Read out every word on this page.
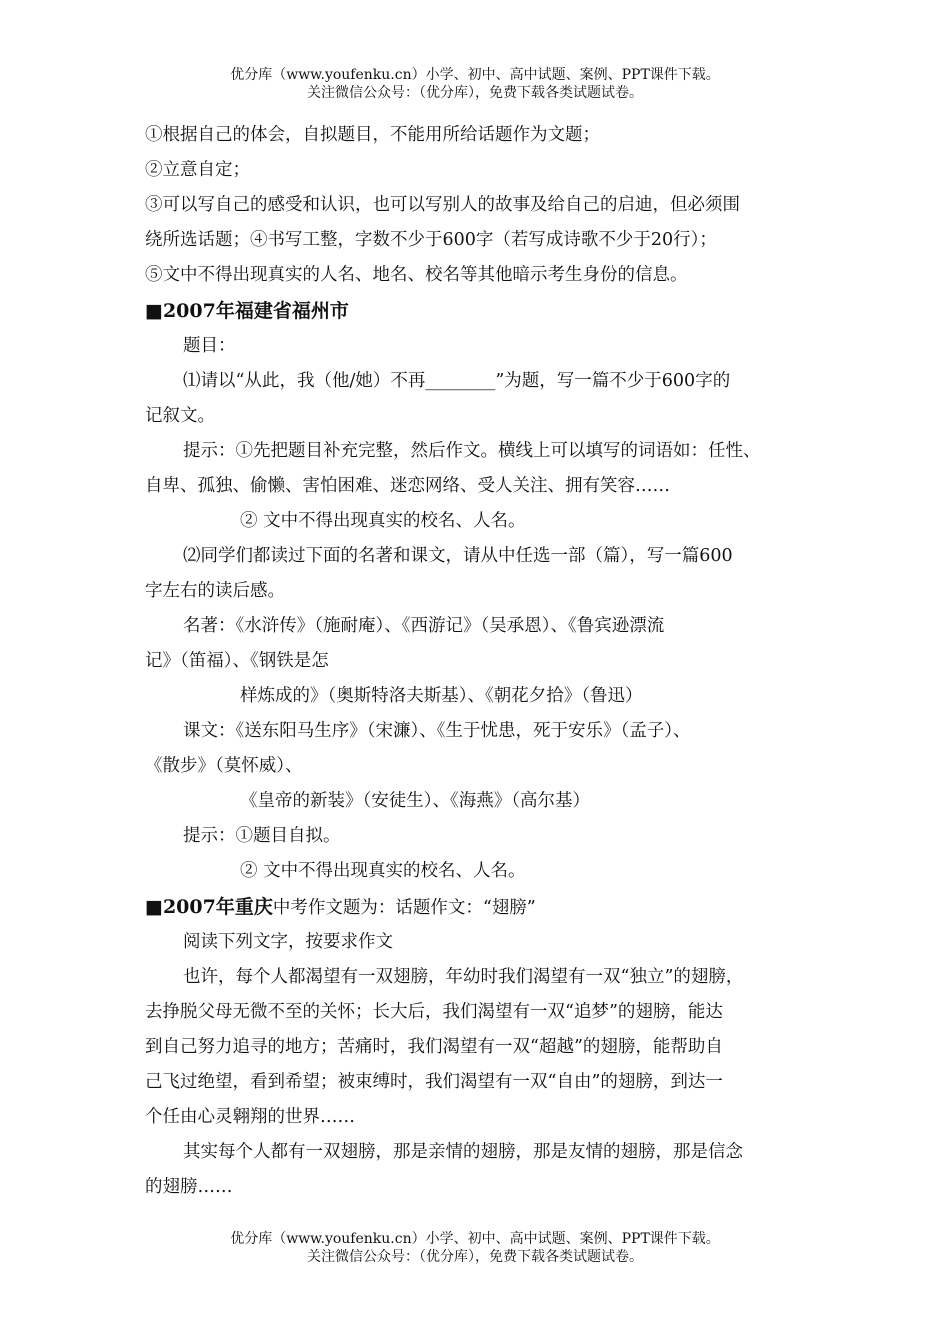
优分库（www.youfenku.cn）小学、初中、高中试题、案例、PPT课件下载。
关注微信公众号：（优分库），免费下载各类试题试卷。
①根据自己的体会，自拟题目，不能用所给话题作为文题；
②立意自定；
③可以写自己的感受和认识，也可以写别人的故事及给自己的启迪，但必须围
绕所选话题；④书写工整，字数不少于600字（若写成诗歌不少于20行）；
⑤文中不得出现真实的人名、地名、校名等其他暗示考生身份的信息。
■2007年福建省福州市
题目：
⑴请以“从此，我（他/她）不再________”为题，写一篇不少于600字的
记叙文。
提示：①先把题目补充完整，然后作文。横线上可以填写的词语如：任性、
自卑、孤独、偷懒、害怕困难、迷恋网络、受人关注、拥有笑容……
② 文中不得出现真实的校名、人名。
⑵同学们都读过下面的名著和课文，请从中任选一部（篇），写一篇600
字左右的读后感。
名著：《水浒传》（施耐庵）、《西游记》（吴承恩）、《鲁宾逊漂流
记》（笛福）、《钢铁是怎
样炼成的》（奥斯特洛夫斯基）、《朝花夕拾》（鲁迅）
课文：《送东阳马生序》（宋濂）、《生于忧患，死于安乐》（孟子）、
《散步》（莫怀威）、
《皇帝的新装》（安徒生）、《海燕》（高尔基）
提示：①题目自拟。
② 文中不得出现真实的校名、人名。
■2007年重庆中考作文题为：话题作文：“翅膀”
阅读下列文字，按要求作文
也许，每个人都渴望有一双翅膀，年幼时我们渴望有一双“独立”的翅膀，
去挣脱父母无微不至的关怀；长大后，我们渴望有一双“追梦”的翅膀，能达
到自己努力追寻的地方；苦痛时，我们渴望有一双“超越”的翅膀，能帮助自
己飞过绝望，看到希望；被束缚时，我们渴望有一双“自由”的翅膀，到达一
个任由心灵翱翔的世界……
其实每个人都有一双翅膀，那是亲情的翅膀，那是友情的翅膀，那是信念
的翅膀……
优分库（www.youfenku.cn）小学、初中、高中试题、案例、PPT课件下载。
关注微信公众号：（优分库），免费下载各类试题试卷。
